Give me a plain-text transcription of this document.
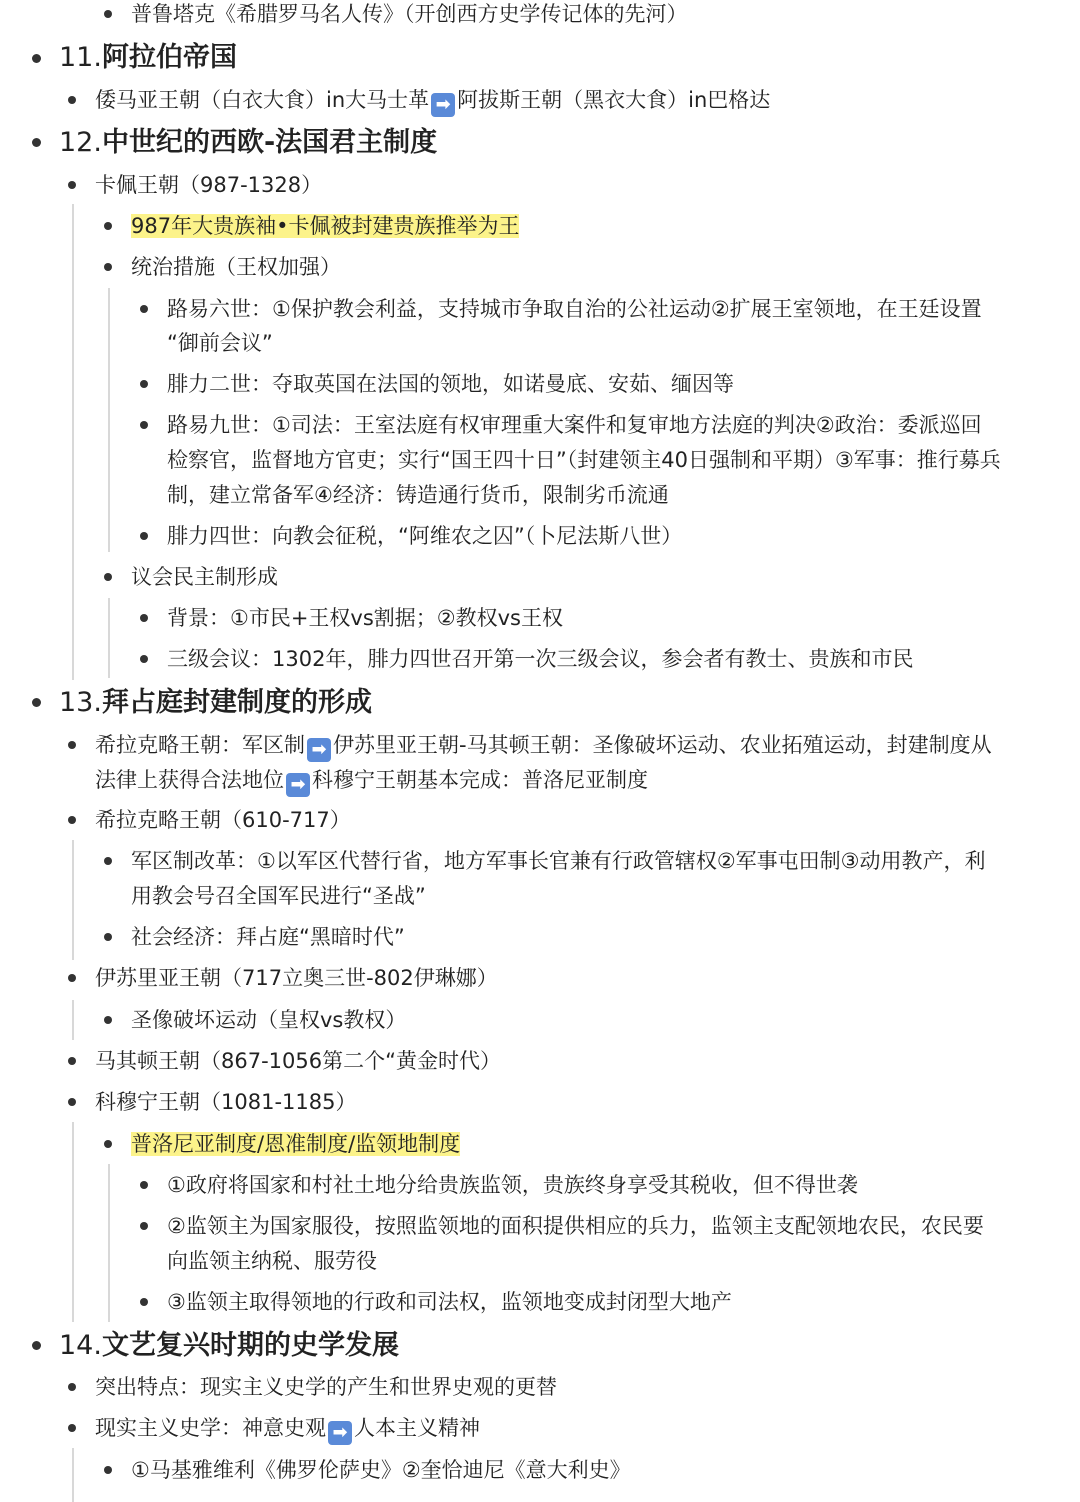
普鲁塔克《希腊罗马名人传》（开创西方史学传记体的先河）
11.阿拉伯帝国
倭马亚王朝（白衣大食）in大马士革 ➡ 阿拔斯王朝（黑衣大食）in巴格达
12.中世纪的西欧-法国君主制度
卡佩王朝（987-1328）
987年大贵族袖•卡佩被封建贵族推举为王
统治措施（王权加强）
路易六世：①保护教会利益，支持城市争取自治的公社运动②扩展王室领地，在王廷设置
“御前会议”
腓力二世：夺取英国在法国的领地，如诺曼底、安茹、缅因等
路易九世：①司法：王室法庭有权审理重大案件和复审地方法庭的判决②政治：委派巡回
检察官，监督地方官吏；实行“国王四十日”（封建领主40日强制和平期）③军事：推行募兵
制，建立常备军④经济：铸造通行货币，限制劣币流通
腓力四世：向教会征税，“阿维农之囚”（卜尼法斯八世）
议会民主制形成
背景：①市民+王权vs割据；②教权vs王权
三级会议：1302年，腓力四世召开第一次三级会议，参会者有教士、贵族和市民
13.拜占庭封建制度的形成
希拉克略王朝：军区制 ➡ 伊苏里亚王朝-马其顿王朝：圣像破坏运动、农业拓殖运动，封建制度从
法律上获得合法地位 ➡ 科穆宁王朝基本完成：普洛尼亚制度
希拉克略王朝（610-717）
军区制改革：①以军区代替行省，地方军事长官兼有行政管辖权②军事屯田制③动用教产，利
用教会号召全国军民进行“圣战”
社会经济：拜占庭“黑暗时代”
伊苏里亚王朝（717立奥三世-802伊琳娜）
圣像破坏运动（皇权vs教权）
马其顿王朝（867-1056第二个“黄金时代）
科穆宁王朝（1081-1185）
普洛尼亚制度/恩准制度/监领地制度
①政府将国家和村社土地分给贵族监领，贵族终身享受其税收，但不得世袭
②监领主为国家服役，按照监领地的面积提供相应的兵力，监领主支配领地农民，农民要
向监领主纳税、服劳役
③监领主取得领地的行政和司法权，监领地变成封闭型大地产
14.文艺复兴时期的史学发展
突出特点：现实主义史学的产生和世界史观的更替
现实主义史学：神意史观 ➡ 人本主义精神
①马基雅维利《佛罗伦萨史》②奎恰迪尼《意大利史》
